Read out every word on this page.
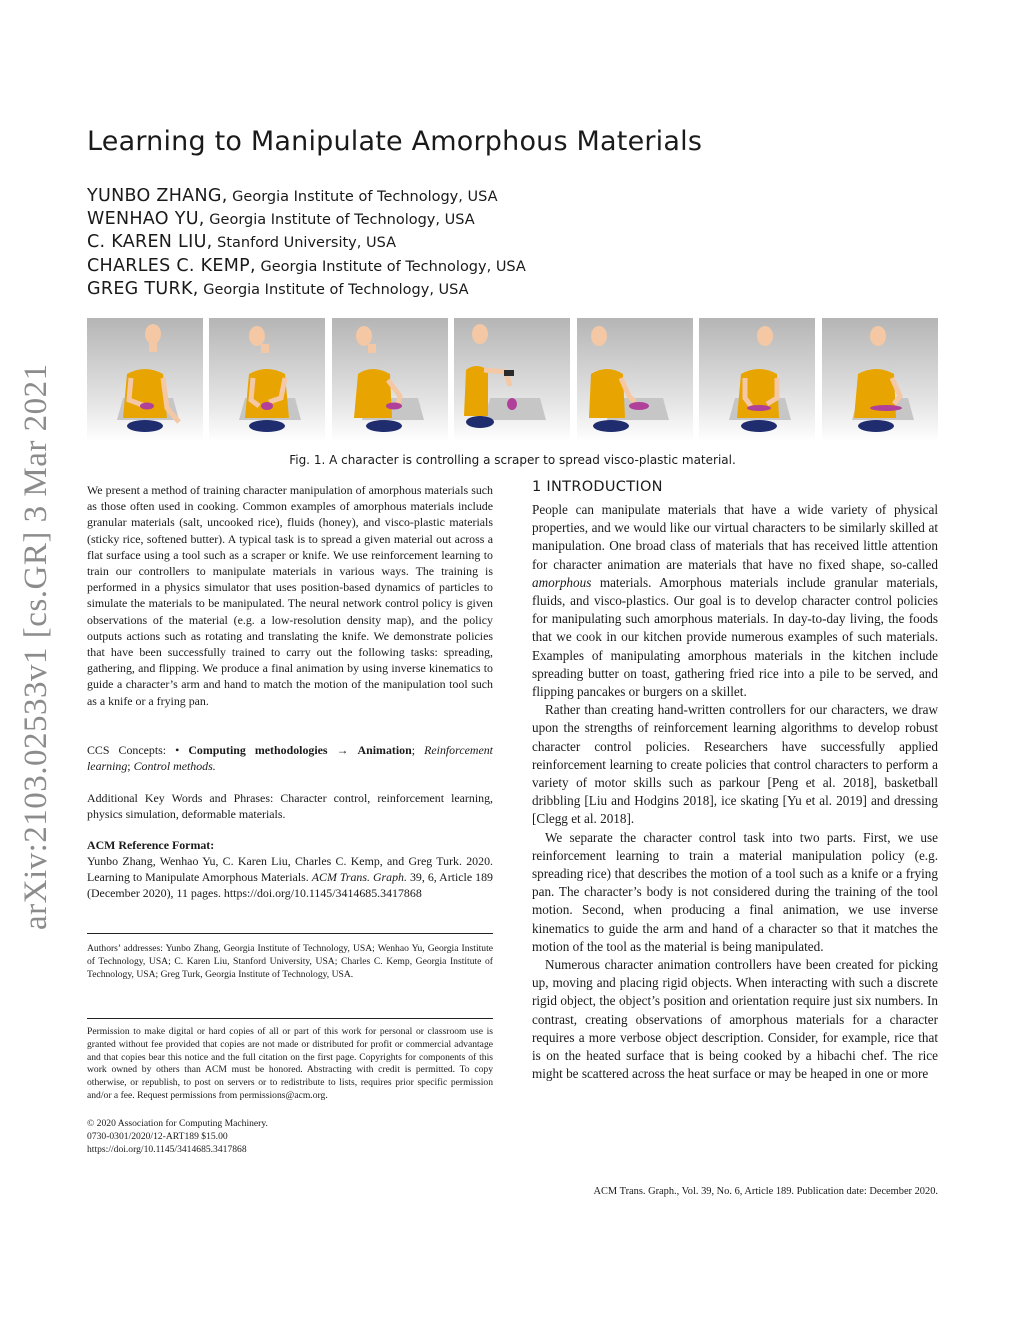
Learning to Manipulate Amorphous Materials
YUNBO ZHANG, Georgia Institute of Technology, USA
WENHAO YU, Georgia Institute of Technology, USA
C. KAREN LIU, Stanford University, USA
CHARLES C. KEMP, Georgia Institute of Technology, USA
GREG TURK, Georgia Institute of Technology, USA
arXiv:2103.02533v1 [cs.GR] 3 Mar 2021	Fig. 1. A character is controlling a scraper to spread visco-plastic material.

We present a method of training character manipulation of amorphous materials such as those often used in cooking. Common examples of amorphous materials include granular materials (salt, uncooked rice), fluids (honey), and visco-plastic materials (sticky rice, softened butter). A typical task is to spread a given material out across a flat surface using a tool such as a scraper or knife. We use reinforcement learning to train our controllers to manipulate materials in various ways. The training is performed in a physics simulator that uses position-based dynamics of particles to simulate the materials to be manipulated. The neural network control policy is given observations of the material (e.g. a low-resolution density map), and the policy outputs actions such as rotating and translating the knife. We demonstrate policies that have been successfully trained to carry out the following tasks: spreading, gathering, and flipping. We produce a final animation by using inverse kinematics to guide a character’s arm and hand to match the motion of the manipulation tool such as a knife or a frying pan.

CCS Concepts: • Computing methodologies → Animation; Reinforcement learning; Control methods.

Additional Key Words and Phrases: Character control, reinforcement learning, physics simulation, deformable materials.

ACM Reference Format:

Yunbo Zhang, Wenhao Yu, C. Karen Liu, Charles C. Kemp, and Greg Turk. 2020. Learning to Manipulate Amorphous Materials. ACM Trans. Graph. 39, 6, Article 189 (December 2020), 11 pages. https://doi.org/10.1145/3414685.3417868

Authors’ addresses: Yunbo Zhang, Georgia Institute of Technology, USA; Wenhao Yu, Georgia Institute of Technology, USA; C. Karen Liu, Stanford University, USA; Charles C. Kemp, Georgia Institute of Technology, USA; Greg Turk, Georgia Institute of Technology, USA.

Permission to make digital or hard copies of all or part of this work for personal or classroom use is granted without fee provided that copies are not made or distributed for profit or commercial advantage and that copies bear this notice and the full citation on the first page. Copyrights for components of this work owned by others than ACM must be honored. Abstracting with credit is permitted. To copy otherwise, or republish, to post on servers or to redistribute to lists, requires prior specific permission and/or a fee. Request permissions from permissions@acm.org.

© 2020 Association for Computing Machinery.

0730-0301/2020/12-ART189 $15.00

https://doi.org/10.1145/3414685.3417868

1 INTRODUCTION

People can manipulate materials that have a wide variety of physical properties, and we would like our virtual characters to be similarly skilled at manipulation. One broad class of materials that has received little attention for character animation are materials that have no fixed shape, so-called amorphous materials. Amorphous materials include granular materials, fluids, and visco-plastics. Our goal is to develop character control policies for manipulating such amorphous materials. In day-to-day living, the foods that we cook in our kitchen provide numerous examples of such materials. Examples of manipulating amorphous materials in the kitchen include spreading butter on toast, gathering fried rice into a pile to be served, and flipping pancakes or burgers on a skillet.

Rather than creating hand-written controllers for our characters, we draw upon the strengths of reinforcement learning algorithms to develop robust character control policies. Researchers have successfully applied reinforcement learning to create policies that control characters to perform a variety of motor skills such as parkour [Peng et al. 2018], basketball dribbling [Liu and Hodgins 2018], ice skating [Yu et al. 2019] and dressing [Clegg et al. 2018].

We separate the character control task into two parts. First, we use reinforcement learning to train a material manipulation policy (e.g. spreading rice) that describes the motion of a tool such as a knife or a frying pan. The character’s body is not considered during the training of the tool motion. Second, when producing a final animation, we use inverse kinematics to guide the arm and hand of a character so that it matches the motion of the tool as the material is being manipulated.

Numerous character animation controllers have been created for picking up, moving and placing rigid objects. When interacting with such a discrete rigid object, the object’s position and orientation require just six numbers. In contrast, creating observations of amorphous materials for a character requires a more verbose object description. Consider, for example, rice that is on the heated surface that is being cooked by a hibachi chef. The rice might be scattered across the heat surface or may be heaped in one or more

ACM Trans. Graph., Vol. 39, No. 6, Article 189. Publication date: December 2020.
